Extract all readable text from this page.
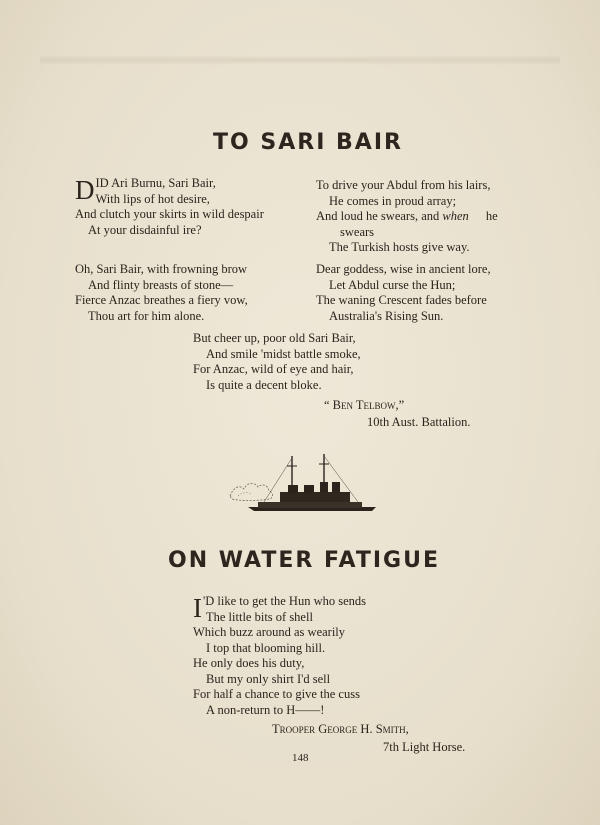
TO SARI BAIR
DID Ari Burnu, Sari Bair,
With lips of hot desire,
And clutch your skirts in wild despair
At your disdainful ire?
To drive your Abdul from his lairs,
He comes in proud array;
And loud he swears, and when he
swears
The Turkish hosts give way.
Oh, Sari Bair, with frowning brow
And flinty breasts of stone—
Fierce Anzac breathes a fiery vow,
Thou art for him alone.
Dear goddess, wise in ancient lore,
Let Abdul curse the Hun;
The waning Crescent fades before
Australia's Rising Sun.
But cheer up, poor old Sari Bair,
And smile 'midst battle smoke,
For Anzac, wild of eye and hair,
Is quite a decent bloke.
“ Ben Telbow,”
10th Aust. Battalion.
ON WATER FATIGUE
I 'D like to get the Hun who sends
The little bits of shell
Which buzz around as wearily
I top that blooming hill.
He only does his duty,
But my only shirt I'd sell
For half a chance to give the cuss
A non-return to H——!
Trooper George H. Smith,
7th Light Horse.
148
